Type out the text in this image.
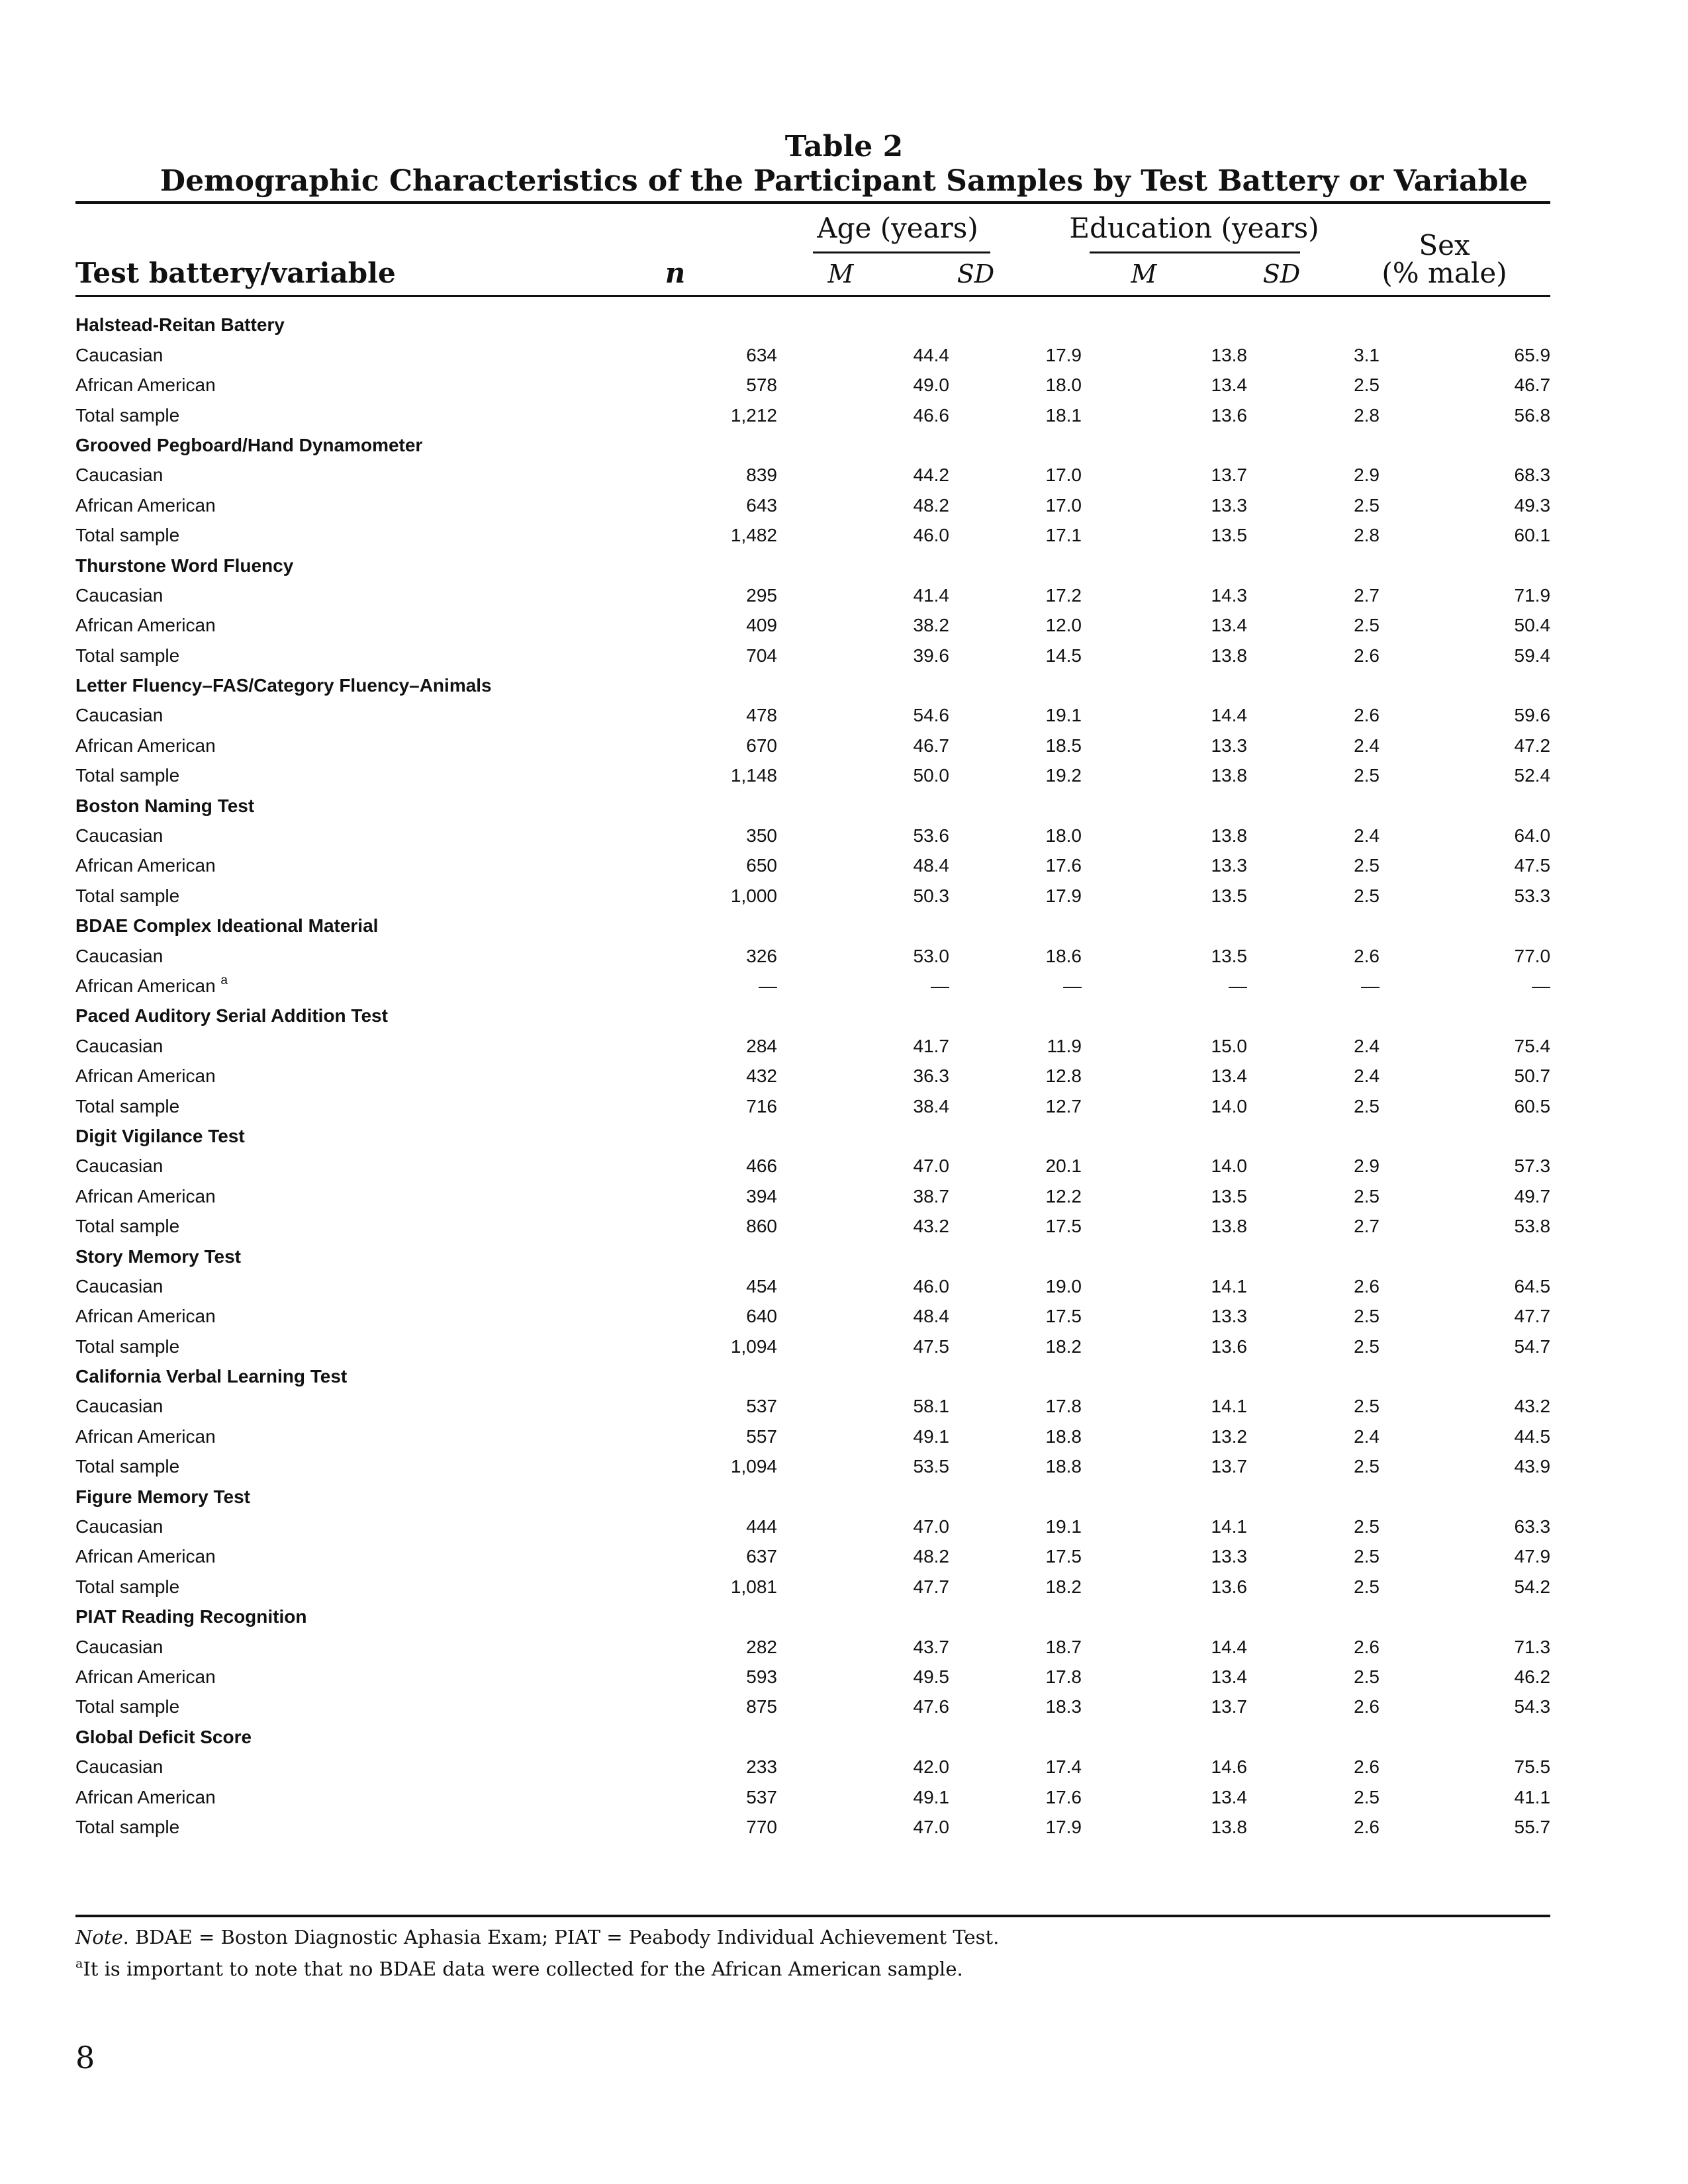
Table 2
Demographic Characteristics of the Participant Samples by Test Battery or Variable
Age (years)	Education (years)
Sex
Test battery/variable	n	M	SD	M	SD	(% male)
Halstead-Reitan Battery						
Caucasian	634	44.4	17.9	13.8	3.1	65.9
African American	578	49.0	18.0	13.4	2.5	46.7
Total sample	1,212	46.6	18.1	13.6	2.8	56.8
Grooved Pegboard/Hand Dynamometer						
Caucasian	839	44.2	17.0	13.7	2.9	68.3
African American	643	48.2	17.0	13.3	2.5	49.3
Total sample	1,482	46.0	17.1	13.5	2.8	60.1
Thurstone Word Fluency						
Caucasian	295	41.4	17.2	14.3	2.7	71.9
African American	409	38.2	12.0	13.4	2.5	50.4
Total sample	704	39.6	14.5	13.8	2.6	59.4
Letter Fluency–FAS/Category Fluency–Animals						
Caucasian	478	54.6	19.1	14.4	2.6	59.6
African American	670	46.7	18.5	13.3	2.4	47.2
Total sample	1,148	50.0	19.2	13.8	2.5	52.4
Boston Naming Test						
Caucasian	350	53.6	18.0	13.8	2.4	64.0
African American	650	48.4	17.6	13.3	2.5	47.5
Total sample	1,000	50.3	17.9	13.5	2.5	53.3
BDAE Complex Ideational Material						
Caucasian	326	53.0	18.6	13.5	2.6	77.0
African American $^a$	—	—	—	—	—	—
Paced Auditory Serial Addition Test						
Caucasian	284	41.7	11.9	15.0	2.4	75.4
African American	432	36.3	12.8	13.4	2.4	50.7
Total sample	716	38.4	12.7	14.0	2.5	60.5
Digit Vigilance Test						
Caucasian	466	47.0	20.1	14.0	2.9	57.3
African American	394	38.7	12.2	13.5	2.5	49.7
Total sample	860	43.2	17.5	13.8	2.7	53.8
Story Memory Test						
Caucasian	454	46.0	19.0	14.1	2.6	64.5
African American	640	48.4	17.5	13.3	2.5	47.7
Total sample	1,094	47.5	18.2	13.6	2.5	54.7
California Verbal Learning Test						
Caucasian	537	58.1	17.8	14.1	2.5	43.2
African American	557	49.1	18.8	13.2	2.4	44.5
Total sample	1,094	53.5	18.8	13.7	2.5	43.9
Figure Memory Test						
Caucasian	444	47.0	19.1	14.1	2.5	63.3
African American	637	48.2	17.5	13.3	2.5	47.9
Total sample	1,081	47.7	18.2	13.6	2.5	54.2
PIAT Reading Recognition						
Caucasian	282	43.7	18.7	14.4	2.6	71.3
African American	593	49.5	17.8	13.4	2.5	46.2
Total sample	875	47.6	18.3	13.7	2.6	54.3
Global Deficit Score						
Caucasian	233	42.0	17.4	14.6	2.6	75.5
African American	537	49.1	17.6	13.4	2.5	41.1
Total sample	770	47.0	17.9	13.8	2.6	55.7
Note. BDAE = Boston Diagnostic Aphasia Exam; PIAT = Peabody Individual Achievement Test.
$^a$It is important to note that no BDAE data were collected for the African American sample.
8
